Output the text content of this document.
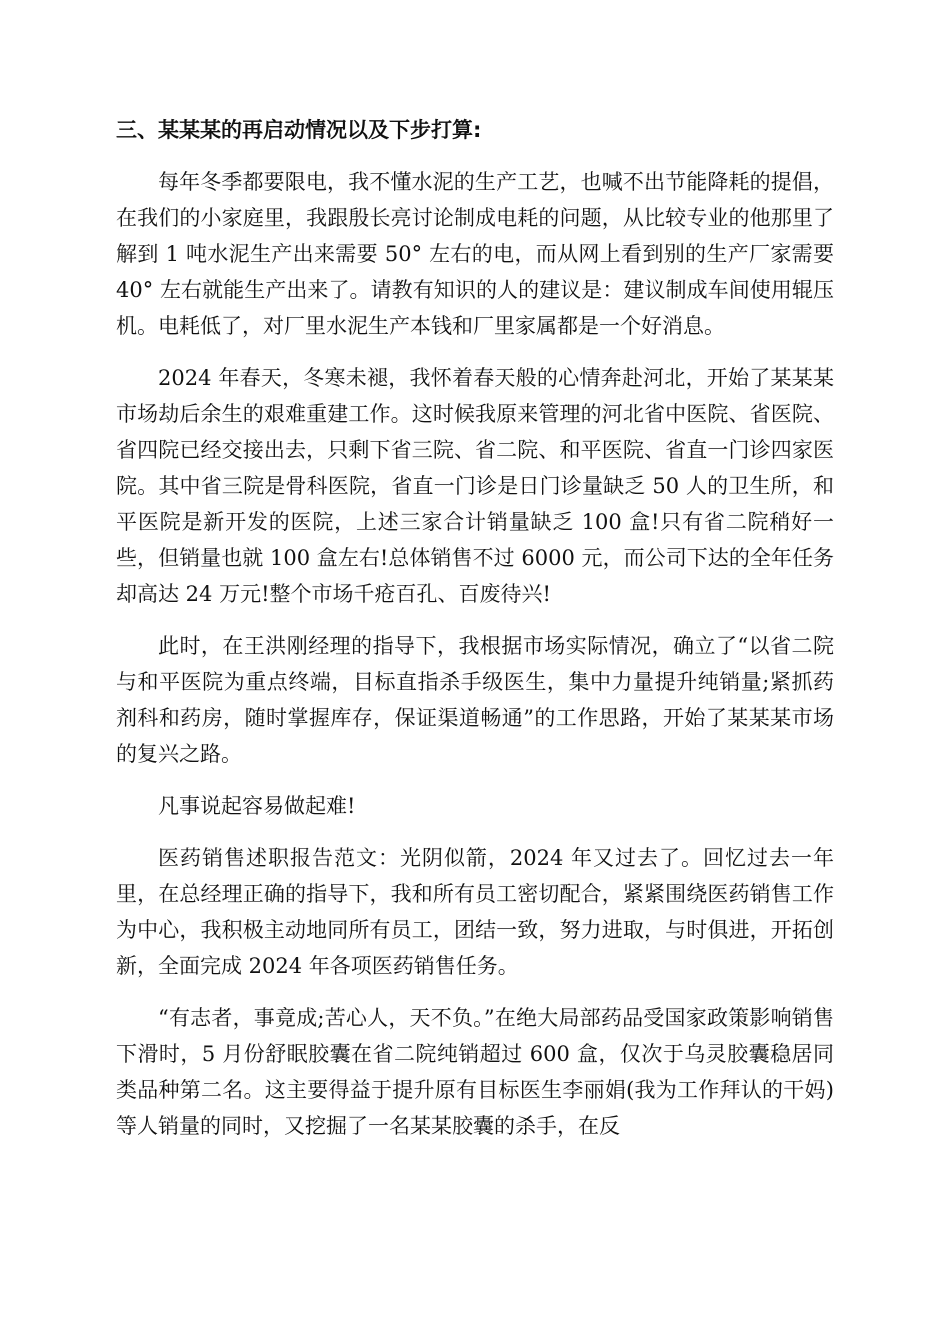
三、某某某的再启动情况以及下步打算:

每年冬季都要限电，我不懂水泥的生产工艺，也喊不出节能降耗的提倡，在我们的小家庭里，我跟殷长亮讨论制成电耗的问题，从比较专业的他那里了解到 1 吨水泥生产出来需要 50° 左右的电，而从网上看到别的生产厂家需要 40° 左右就能生产出来了。请教有知识的人的建议是：建议制成车间使用辊压机。电耗低了，对厂里水泥生产本钱和厂里家属都是一个好消息。

2024 年春天，冬寒未褪，我怀着春天般的心情奔赴河北，开始了某某某市场劫后余生的艰难重建工作。这时候我原来管理的河北省中医院、省医院、省四院已经交接出去，只剩下省三院、省二院、和平医院、省直一门诊四家医院。其中省三院是骨科医院，省直一门诊是日门诊量缺乏 50 人的卫生所，和平医院是新开发的医院，上述三家合计销量缺乏 100 盒!只有省二院稍好一些，但销量也就 100 盒左右!总体销售不过 6000 元，而公司下达的全年任务却高达 24 万元!整个市场千疮百孔、百废待兴!

此时，在王洪刚经理的指导下，我根据市场实际情况，确立了“以省二院与和平医院为重点终端，目标直指杀手级医生，集中力量提升纯销量;紧抓药剂科和药房，随时掌握库存，保证渠道畅通”的工作思路，开始了某某某市场的复兴之路。

凡事说起容易做起难!

医药销售述职报告范文：光阴似箭，2024 年又过去了。回忆过去一年里，在总经理正确的指导下，我和所有员工密切配合，紧紧围绕医药销售工作为中心，我积极主动地同所有员工，团结一致，努力进取，与时俱进，开拓创新，全面完成 2024 年各项医药销售任务。

“有志者，事竟成;苦心人，天不负。”在绝大局部药品受国家政策影响销售下滑时，5 月份舒眠胶囊在省二院纯销超过 600 盒，仅次于乌灵胶囊稳居同类品种第二名。这主要得益于提升原有目标医生李丽娟(我为工作拜认的干妈)等人销量的同时，又挖掘了一名某某胶囊的杀手，在反
